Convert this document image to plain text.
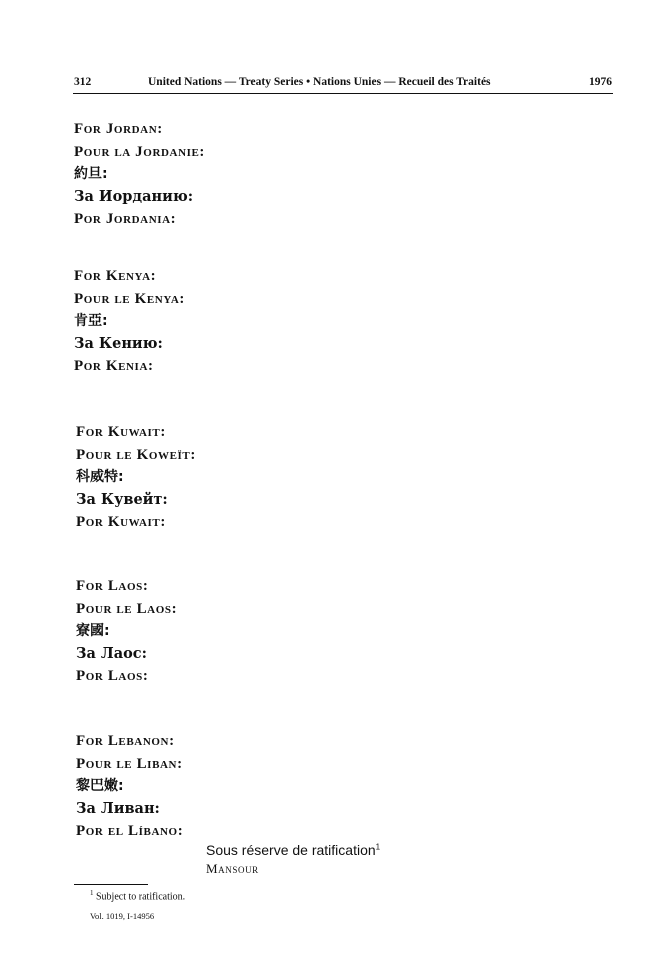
312	United Nations — Treaty Series • Nations Unies — Recueil des Traités	1976
For Jordan:
Pour la Jordanie:
約旦:
За Иорданию:
Por Jordania:
For Kenya:
Pour le Kenya:
肯亞:
За Кению:
Por Kenia:
For Kuwait:
Pour le Koweït:
科威特:
За Кувейт:
Por Kuwait:
For Laos:
Pour le Laos:
寮國:
За Лаос:
Por Laos:
For Lebanon:
Pour le Liban:
黎巴嫩:
За Ливан:
Por el Líbano:
Sous réserve de ratification$^1$
Mansour
$^1$ Subject to ratification.
Vol. 1019, I-14956
